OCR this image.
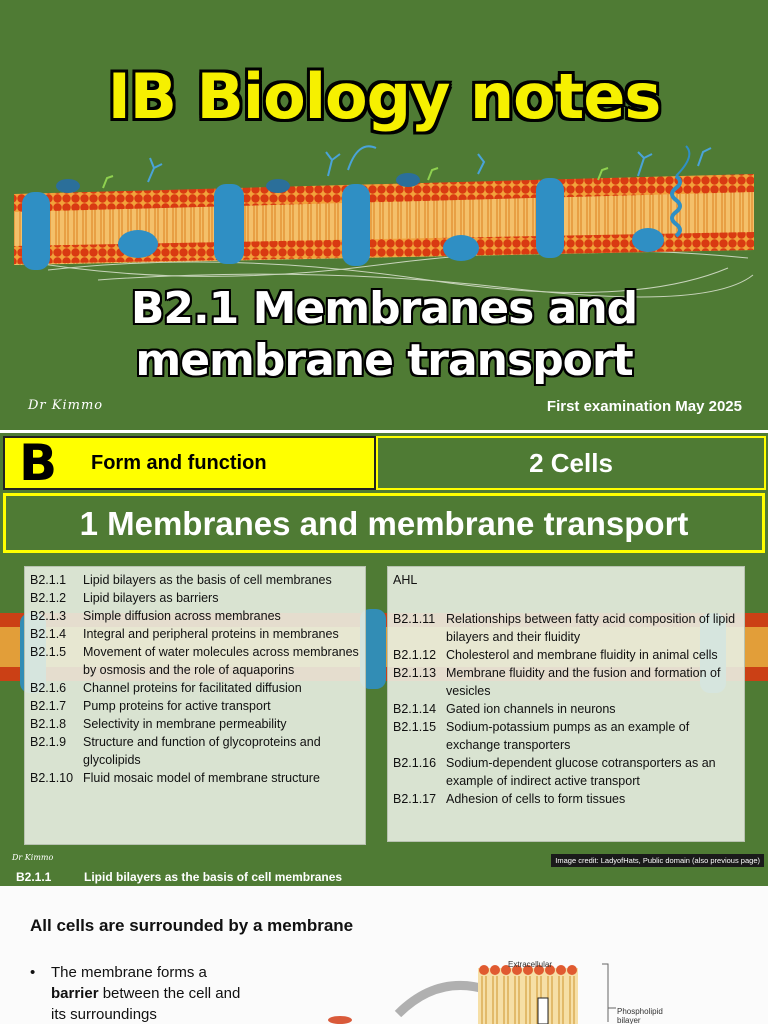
IB Biology notes
B2.1 Membranes and
membrane transport
Dr Kimmo	First examination May 2025
B Form and function	2 Cells
1 Membranes and membrane transport
B2.1.1	Lipid bilayers as the basis of cell membranes
B2.1.2	Lipid bilayers as barriers
B2.1.3	Simple diffusion across membranes
B2.1.4	Integral and peripheral proteins in membranes
B2.1.5	Movement of water molecules across membranes by osmosis and the role of aquaporins
B2.1.6	Channel proteins for facilitated diffusion
B2.1.7	Pump proteins for active transport
B2.1.8	Selectivity in membrane permeability
B2.1.9	Structure and function of glycoproteins and glycolipids
B2.1.10 Fluid mosaic model of membrane structure
AHL
B2.1.11 Relationships between fatty acid composition of lipid bilayers and their fluidity
B2.1.12 Cholesterol and membrane fluidity in animal cells
B2.1.13 Membrane fluidity and the fusion and formation of vesicles
B2.1.14 Gated ion channels in neurons
B2.1.15 Sodium-potassium pumps as an example of exchange transporters
B2.1.16 Sodium-dependent glucose cotransporters as an example of indirect active transport
B2.1.17 Adhesion of cells to form tissues
Dr Kimmo	Image credit: LadyofHats, Public domain (also previous page)
B2.1.1	Lipid bilayers as the basis of cell membranes
All cells are surrounded by a membrane
•	The membrane forms a barrier between the cell and its surroundings
Extracellular
Phospholipid bilayer
